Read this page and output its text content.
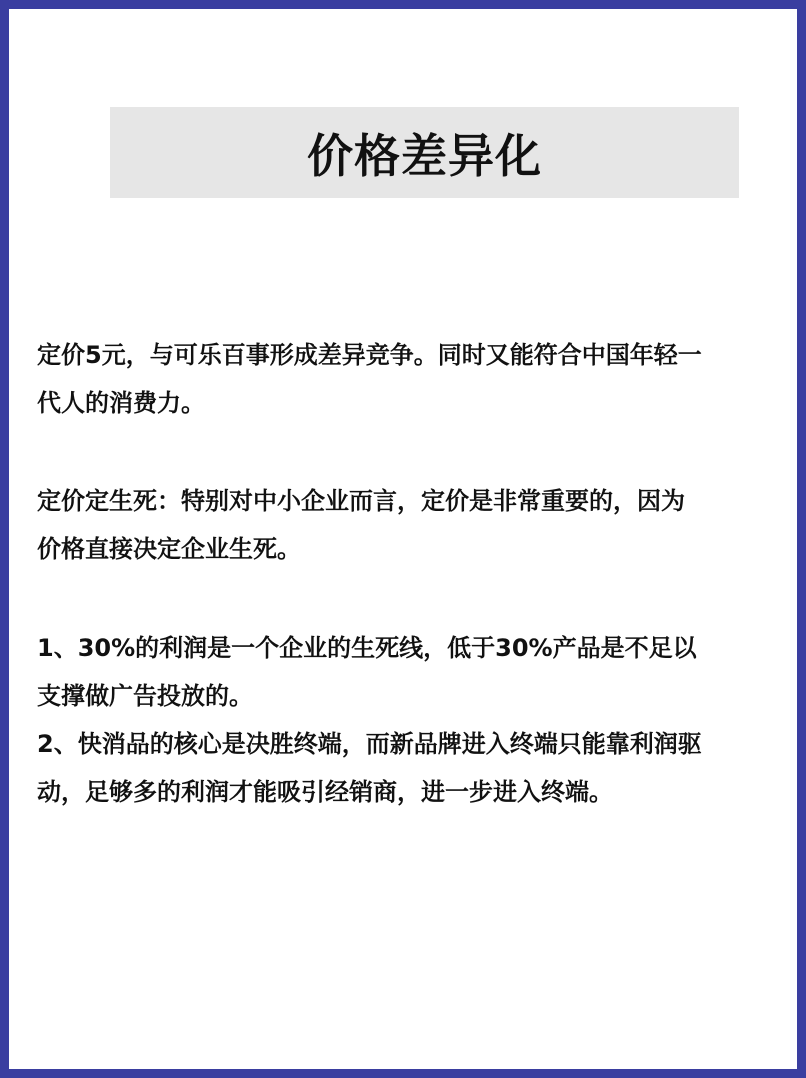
价格差异化
定价5元，与可乐百事形成差异竞争。同时又能符合中国年轻一
代人的消费力。
定价定生死：特别对中小企业而言，定价是非常重要的，因为
价格直接决定企业生死。
1、30%的利润是一个企业的生死线，低于30%产品是不足以
支撑做广告投放的。
2、快消品的核心是决胜终端，而新品牌进入终端只能靠利润驱
动，足够多的利润才能吸引经销商，进一步进入终端。
